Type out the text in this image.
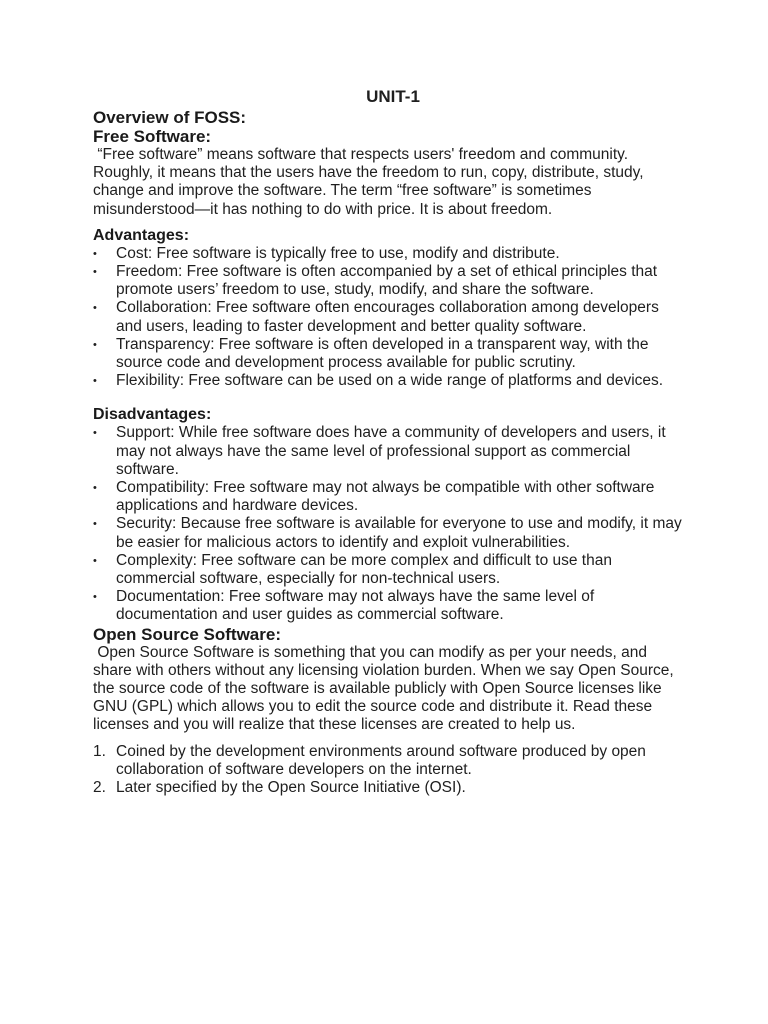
UNIT-1
Overview of FOSS:
Free Software:

“Free software” means software that respects users' freedom and community. Roughly, it means that the users have the freedom to run, copy, distribute, study, change and improve the software. The term “free software” is sometimes misunderstood—it has nothing to do with price. It is about freedom.

Advantages:
• Cost: Free software is typically free to use, modify and distribute.
• Freedom: Free software is often accompanied by a set of ethical principles that promote users’ freedom to use, study, modify, and share the software.
• Collaboration: Free software often encourages collaboration among developers and users, leading to faster development and better quality software.
• Transparency: Free software is often developed in a transparent way, with the source code and development process available for public scrutiny.
• Flexibility: Free software can be used on a wide range of platforms and devices.
Disadvantages:
• Support: While free software does have a community of developers and users, it may not always have the same level of professional support as commercial software.
• Compatibility: Free software may not always be compatible with other software applications and hardware devices.
• Security: Because free software is available for everyone to use and modify, it may be easier for malicious actors to identify and exploit vulnerabilities.
• Complexity: Free software can be more complex and difficult to use than commercial software, especially for non-technical users.
• Documentation: Free software may not always have the same level of documentation and user guides as commercial software.
Open Source Software:

Open Source Software is something that you can modify as per your needs, and share with others without any licensing violation burden. When we say Open Source, the source code of the software is available publicly with Open Source licenses like GNU (GPL) which allows you to edit the source code and distribute it. Read these licenses and you will realize that these licenses are created to help us.

1. Coined by the development environments around software produced by open collaboration of software developers on the internet.
2. Later specified by the Open Source Initiative (OSI).
